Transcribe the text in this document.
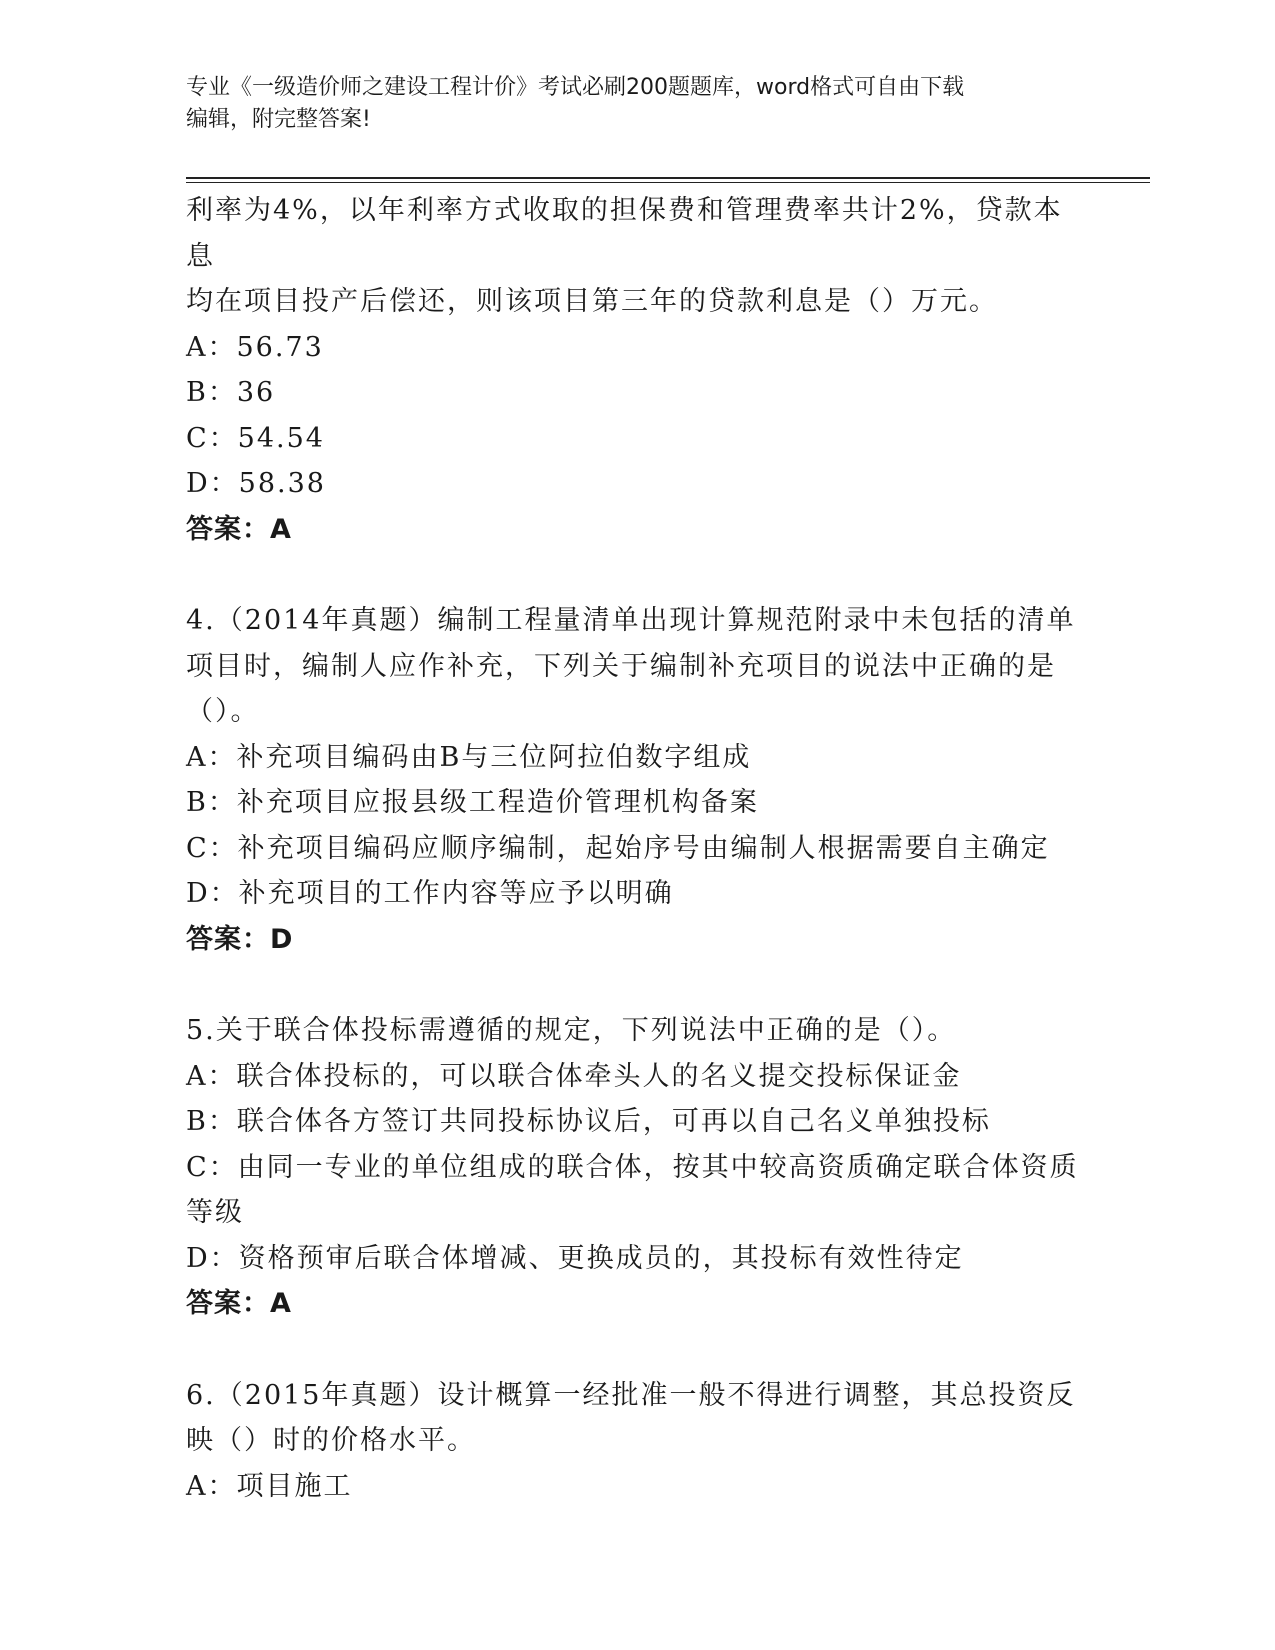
专业《一级造价师之建设工程计价》考试必刷200题题库，word格式可自由下载
编辑，附完整答案!

利率为4%，以年利率方式收取的担保费和管理费率共计2%，贷款本息

均在项目投产后偿还，则该项目第三年的贷款利息是（）万元。

A：56.73

B：36

C：54.54

D：58.38

答案：A

4.（2014年真题）编制工程量清单出现计算规范附录中未包括的清单

项目时，编制人应作补充，下列关于编制补充项目的说法中正确的是

（）。

A：补充项目编码由B与三位阿拉伯数字组成

B：补充项目应报县级工程造价管理机构备案

C：补充项目编码应顺序编制，起始序号由编制人根据需要自主确定

D：补充项目的工作内容等应予以明确

答案：D

5.关于联合体投标需遵循的规定，下列说法中正确的是（）。

A：联合体投标的，可以联合体牵头人的名义提交投标保证金

B：联合体各方签订共同投标协议后，可再以自己名义单独投标

C：由同一专业的单位组成的联合体，按其中较高资质确定联合体资质

等级

D：资格预审后联合体增减、更换成员的，其投标有效性待定

答案：A

6.（2015年真题）设计概算一经批准一般不得进行调整，其总投资反

映（）时的价格水平。

A：项目施工
